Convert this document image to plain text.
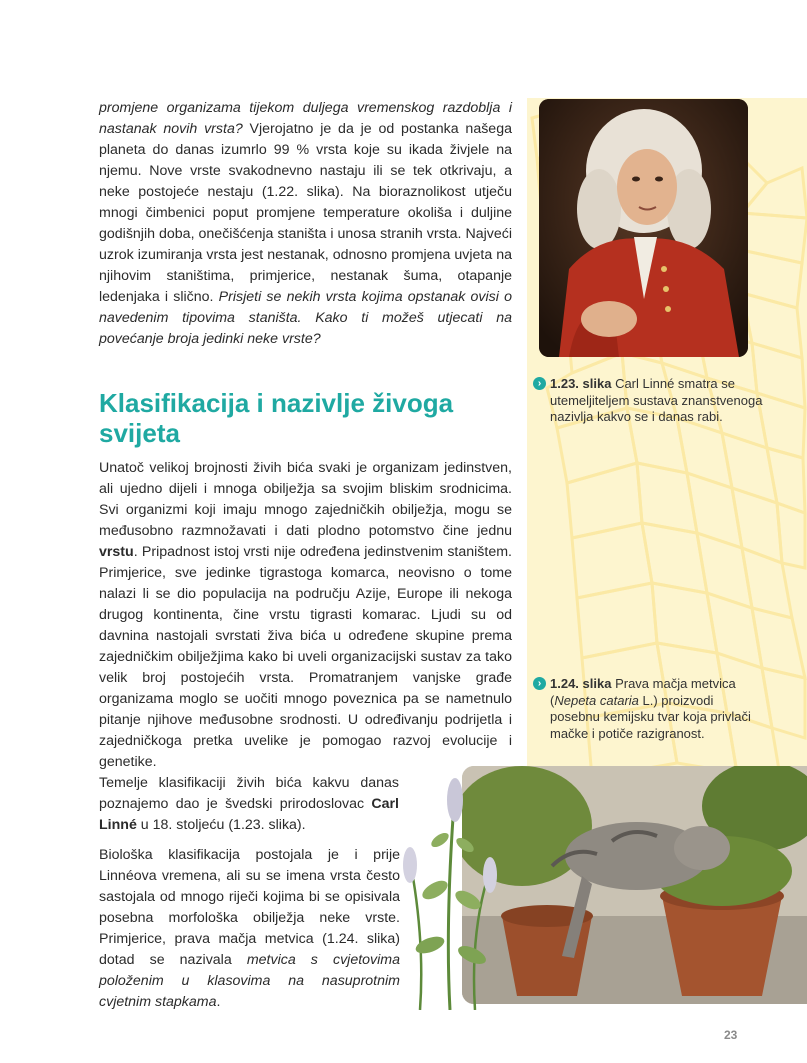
promjene organizama tijekom duljega vremenskog razdoblja i nastanak novih vrsta? Vjerojatno je da je od postanka našega planeta do danas izumrlo 99 % vrsta koje su ikada živjele na njemu. Nove vrste svakodnevno nastaju ili se tek otkrivaju, a neke postojeće nestaju (1.22. slika). Na bioraznolikost utječu mnogi čimbenici poput promjene temperature okoliša i duljine godišnjih doba, onečišćenja staništa i unosa stranih vrsta. Najveći uzrok izumiranja vrsta jest nestanak, odnosno promjena uvjeta na njihovim staništima, primjerice, nestanak šuma, otapanje ledenjaka i slično. Prisjeti se nekih vrsta kojima opstanak ovisi o navedenim tipovima staništa. Kako ti možeš utjecati na povećanje broja jedinki neke vrste?

Klasifikacija i nazivlje živoga svijeta

Unatoč velikoj brojnosti živih bića svaki je organizam jedinstven, ali ujedno dijeli i mnoga obilježja sa svojim bliskim srodnicima. Svi organizmi koji imaju mnogo zajedničkih obilježja, mogu se međusobno razmnožavati i dati plodno potomstvo čine jednu vrstu. Pripadnost istoj vrsti nije određena jedinstvenim staništem. Primjerice, sve jedinke tigrastoga komarca, neovisno o tome nalazi li se dio populacija na području Azije, Europe ili nekoga drugog kontinenta, čine vrstu tigrasti komarac. Ljudi su od davnina nastojali svrstati živa bića u određene skupine prema zajedničkim obilježjima kako bi uveli organizacijski sustav za tako velik broj postojećih vrsta. Promatranjem vanjske građe organizama moglo se uočiti mnogo poveznica pa se nametnulo pitanje njihove međusobne srodnosti. U određivanju podrijetla i zajedničkoga pretka uvelike je pomogao razvoj evolucije i genetike.

Temelje klasifikaciji živih bića kakvu danas poznajemo dao je švedski prirodoslovac Carl Linné u 18. stoljeću (1.23. slika).

Biološka klasifikacija postojala je i prije Linnéova vremena, ali su se imena vrsta često sastojala od mnogo riječi kojima bi se opisivala posebna morfološka obilježja neke vrste. Primjerice, prava mačja metvica (1.24. slika) dotad se nazivala metvica s cvjetovima položenim u klasovima na nasuprotnim cvjetnim stapkama.

› 1.23. slika Carl Linné smatra se utemeljiteljem sustava znanstvenoga nazivlja kakvo se i danas rabi.
› 1.24. slika Prava mačja metvica (Nepeta cataria L.) proizvodi posebnu kemijsku tvar koja privlači mačke i potiče razigranost.
23
